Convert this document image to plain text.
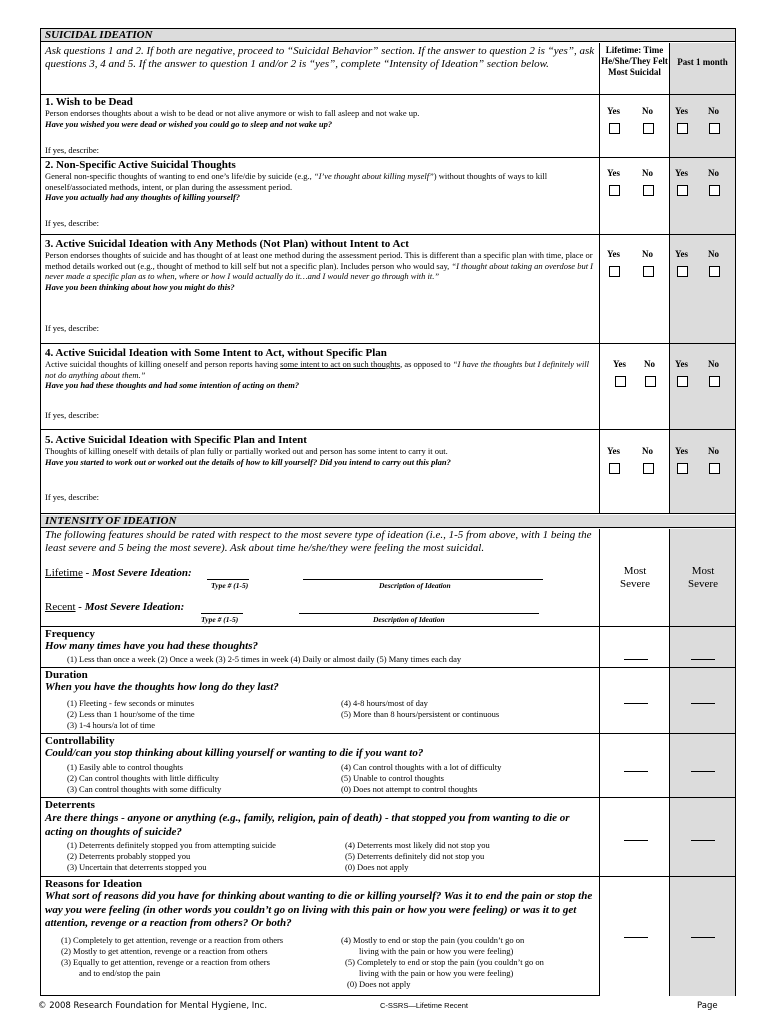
SUICIDAL IDEATION
Ask questions 1 and 2. If both are negative, proceed to “Suicidal Behavior” section. If the answer to question 2 is “yes”, ask questions 3, 4 and 5. If the answer to question 1 and/or 2 is “yes”, complete “Intensity of Ideation” section below.
Lifetime: Time He/She/They Felt Most Suicidal
Past 1 month
1. Wish to be Dead
Person endorses thoughts about a wish to be dead or not alive anymore or wish to fall asleep and not wake up.
Have you wished you were dead or wished you could go to sleep and not wake up?
If yes, describe:
Yes No Yes No
2. Non-Specific Active Suicidal Thoughts
General non-specific thoughts of wanting to end one’s life/die by suicide (e.g., “I’ve thought about killing myself”) without thoughts of ways to kill oneself/associated methods, intent, or plan during the assessment period.
Have you actually had any thoughts of killing yourself?
If yes, describe:
Yes No Yes No
3. Active Suicidal Ideation with Any Methods (Not Plan) without Intent to Act
Person endorses thoughts of suicide and has thought of at least one method during the assessment period. This is different than a specific plan with time, place or method details worked out (e.g., thought of method to kill self but not a specific plan). Includes person who would say, “I thought about taking an overdose but I never made a specific plan as to when, where or how I would actually do it…and I would never go through with it.”
Have you been thinking about how you might do this?
If yes, describe:
Yes No Yes No
4. Active Suicidal Ideation with Some Intent to Act, without Specific Plan
Active suicidal thoughts of killing oneself and person reports having some intent to act on such thoughts, as opposed to “I have the thoughts but I definitely will not do anything about them.”
Have you had these thoughts and had some intention of acting on them?
If yes, describe:
Yes No Yes No
5. Active Suicidal Ideation with Specific Plan and Intent
Thoughts of killing oneself with details of plan fully or partially worked out and person has some intent to carry it out.
Have you started to work out or worked out the details of how to kill yourself? Did you intend to carry out this plan?
If yes, describe:
Yes No Yes No
INTENSITY OF IDEATION
The following features should be rated with respect to the most severe type of ideation (i.e., 1-5 from above, with 1 being the least severe and 5 being the most severe). Ask about time he/she/they were feeling the most suicidal.
Lifetime - Most Severe Ideation:
Type # (1-5)	Description of Ideation
Recent - Most Severe Ideation:
Type # (1-5)	Description of Ideation
Most Severe
Most Severe
Frequency
How many times have you had these thoughts?
(1) Less than once a week (2) Once a week (3) 2-5 times in week (4) Daily or almost daily (5) Many times each day
Duration
When you have the thoughts how long do they last?
(1) Fleeting - few seconds or minutes
(2) Less than 1 hour/some of the time
(3) 1-4 hours/a lot of time
(4) 4-8 hours/most of day
(5) More than 8 hours/persistent or continuous
Controllability
Could/can you stop thinking about killing yourself or wanting to die if you want to?
(1) Easily able to control thoughts
(2) Can control thoughts with little difficulty
(3) Can control thoughts with some difficulty
(4) Can control thoughts with a lot of difficulty
(5) Unable to control thoughts
(0) Does not attempt to control thoughts
Deterrents
Are there things - anyone or anything (e.g., family, religion, pain of death) - that stopped you from wanting to die or acting on thoughts of suicide?
(1) Deterrents definitely stopped you from attempting suicide
(2) Deterrents probably stopped you
(3) Uncertain that deterrents stopped you
(4) Deterrents most likely did not stop you
(5) Deterrents definitely did not stop you
(0) Does not apply
Reasons for Ideation
What sort of reasons did you have for thinking about wanting to die or killing yourself? Was it to end the pain or stop the way you were feeling (in other words you couldn’t go on living with this pain or how you were feeling) or was it to get attention, revenge or a reaction from others? Or both?
(1) Completely to get attention, revenge or a reaction from others
(2) Mostly to get attention, revenge or a reaction from others
(3) Equally to get attention, revenge or a reaction from others
and to end/stop the pain
(4) Mostly to end or stop the pain (you couldn’t go on
living with the pain or how you were feeling)
(5) Completely to end or stop the pain (you couldn’t go on
living with the pain or how you were feeling)
(0) Does not apply
© 2008 Research Foundation for Mental Hygiene, Inc.	C-SSRS—Lifetime Recent	Page
